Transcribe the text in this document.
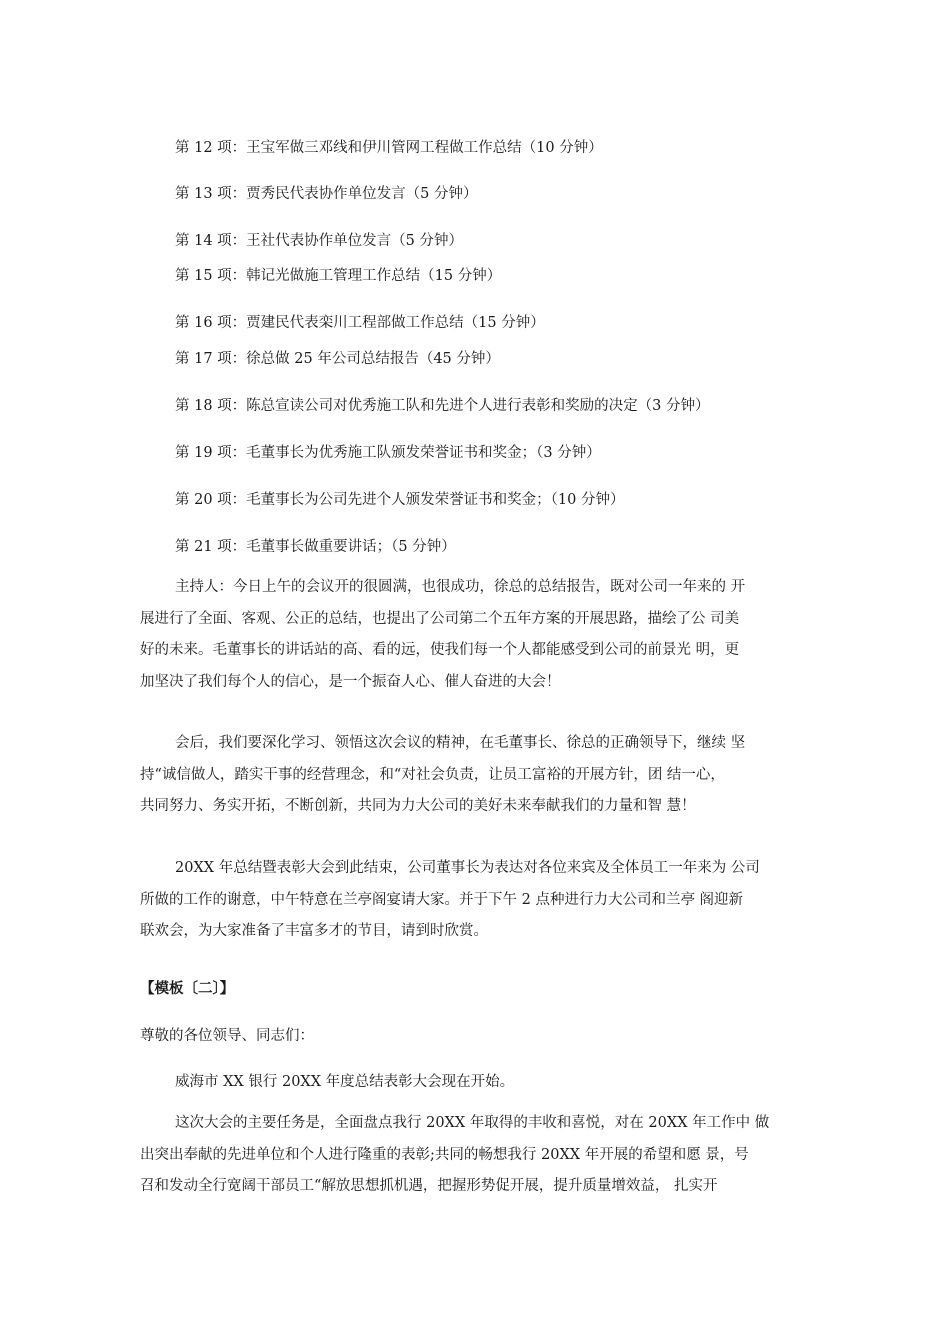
第 12 项：王宝军做三邓线和伊川管网工程做工作总结（10 分钟）
第 13 项：贾秀民代表协作单位发言（5 分钟）
第 14 项：王社代表协作单位发言（5 分钟）
第 15 项：韩记光做施工管理工作总结（15 分钟）
第 16 项：贾建民代表栾川工程部做工作总结（15 分钟）
第 17 项：徐总做 25 年公司总结报告（45 分钟）
第 18 项：陈总宣读公司对优秀施工队和先进个人进行表彰和奖励的决定（3 分钟）
第 19 项：毛董事长为优秀施工队颁发荣誉证书和奖金；（3 分钟）
第 20 项：毛董事长为公司先进个人颁发荣誉证书和奖金；（10 分钟）
第 21 项：毛董事长做重要讲话；（5 分钟）
主持人：今日上午的会议开的很圆满，也很成功，徐总的总结报告，既对公司一年来的 开
展进行了全面、客观、公正的总结，也提出了公司第二个五年方案的开展思路，描绘了公 司美
好的未来。毛董事长的讲话站的高、看的远，使我们每一个人都能感受到公司的前景光 明，更
加坚决了我们每个人的信心，是一个振奋人心、催人奋进的大会！
会后，我们要深化学习、领悟这次会议的精神，在毛董事长、徐总的正确领导下，继续 坚
持“诚信做人，踏实干事的经营理念，和“对社会负责，让员工富裕的开展方针，团 结一心，
共同努力、务实开拓，不断创新，共同为力大公司的美好未来奉献我们的力量和智 慧！
20XX 年总结暨表彰大会到此结束，公司董事长为表达对各位来宾及全体员工一年来为 公司
所做的工作的谢意，中午特意在兰亭阁宴请大家。并于下午 2 点种进行力大公司和兰亭 阁迎新
联欢会，为大家准备了丰富多才的节目，请到时欣赏。
【模板〔二〕】
尊敬的各位领导、同志们：
威海市 XX 银行 20XX 年度总结表彰大会现在开始。
这次大会的主要任务是，全面盘点我行 20XX 年取得的丰收和喜悦，对在 20XX 年工作中 做
出突出奉献的先进单位和个人进行隆重的表彰;共同的畅想我行 20XX 年开展的希望和愿 景，号
召和发动全行宽阔干部员工“解放思想抓机遇，把握形势促开展，提升质量增效益， 扎实开
